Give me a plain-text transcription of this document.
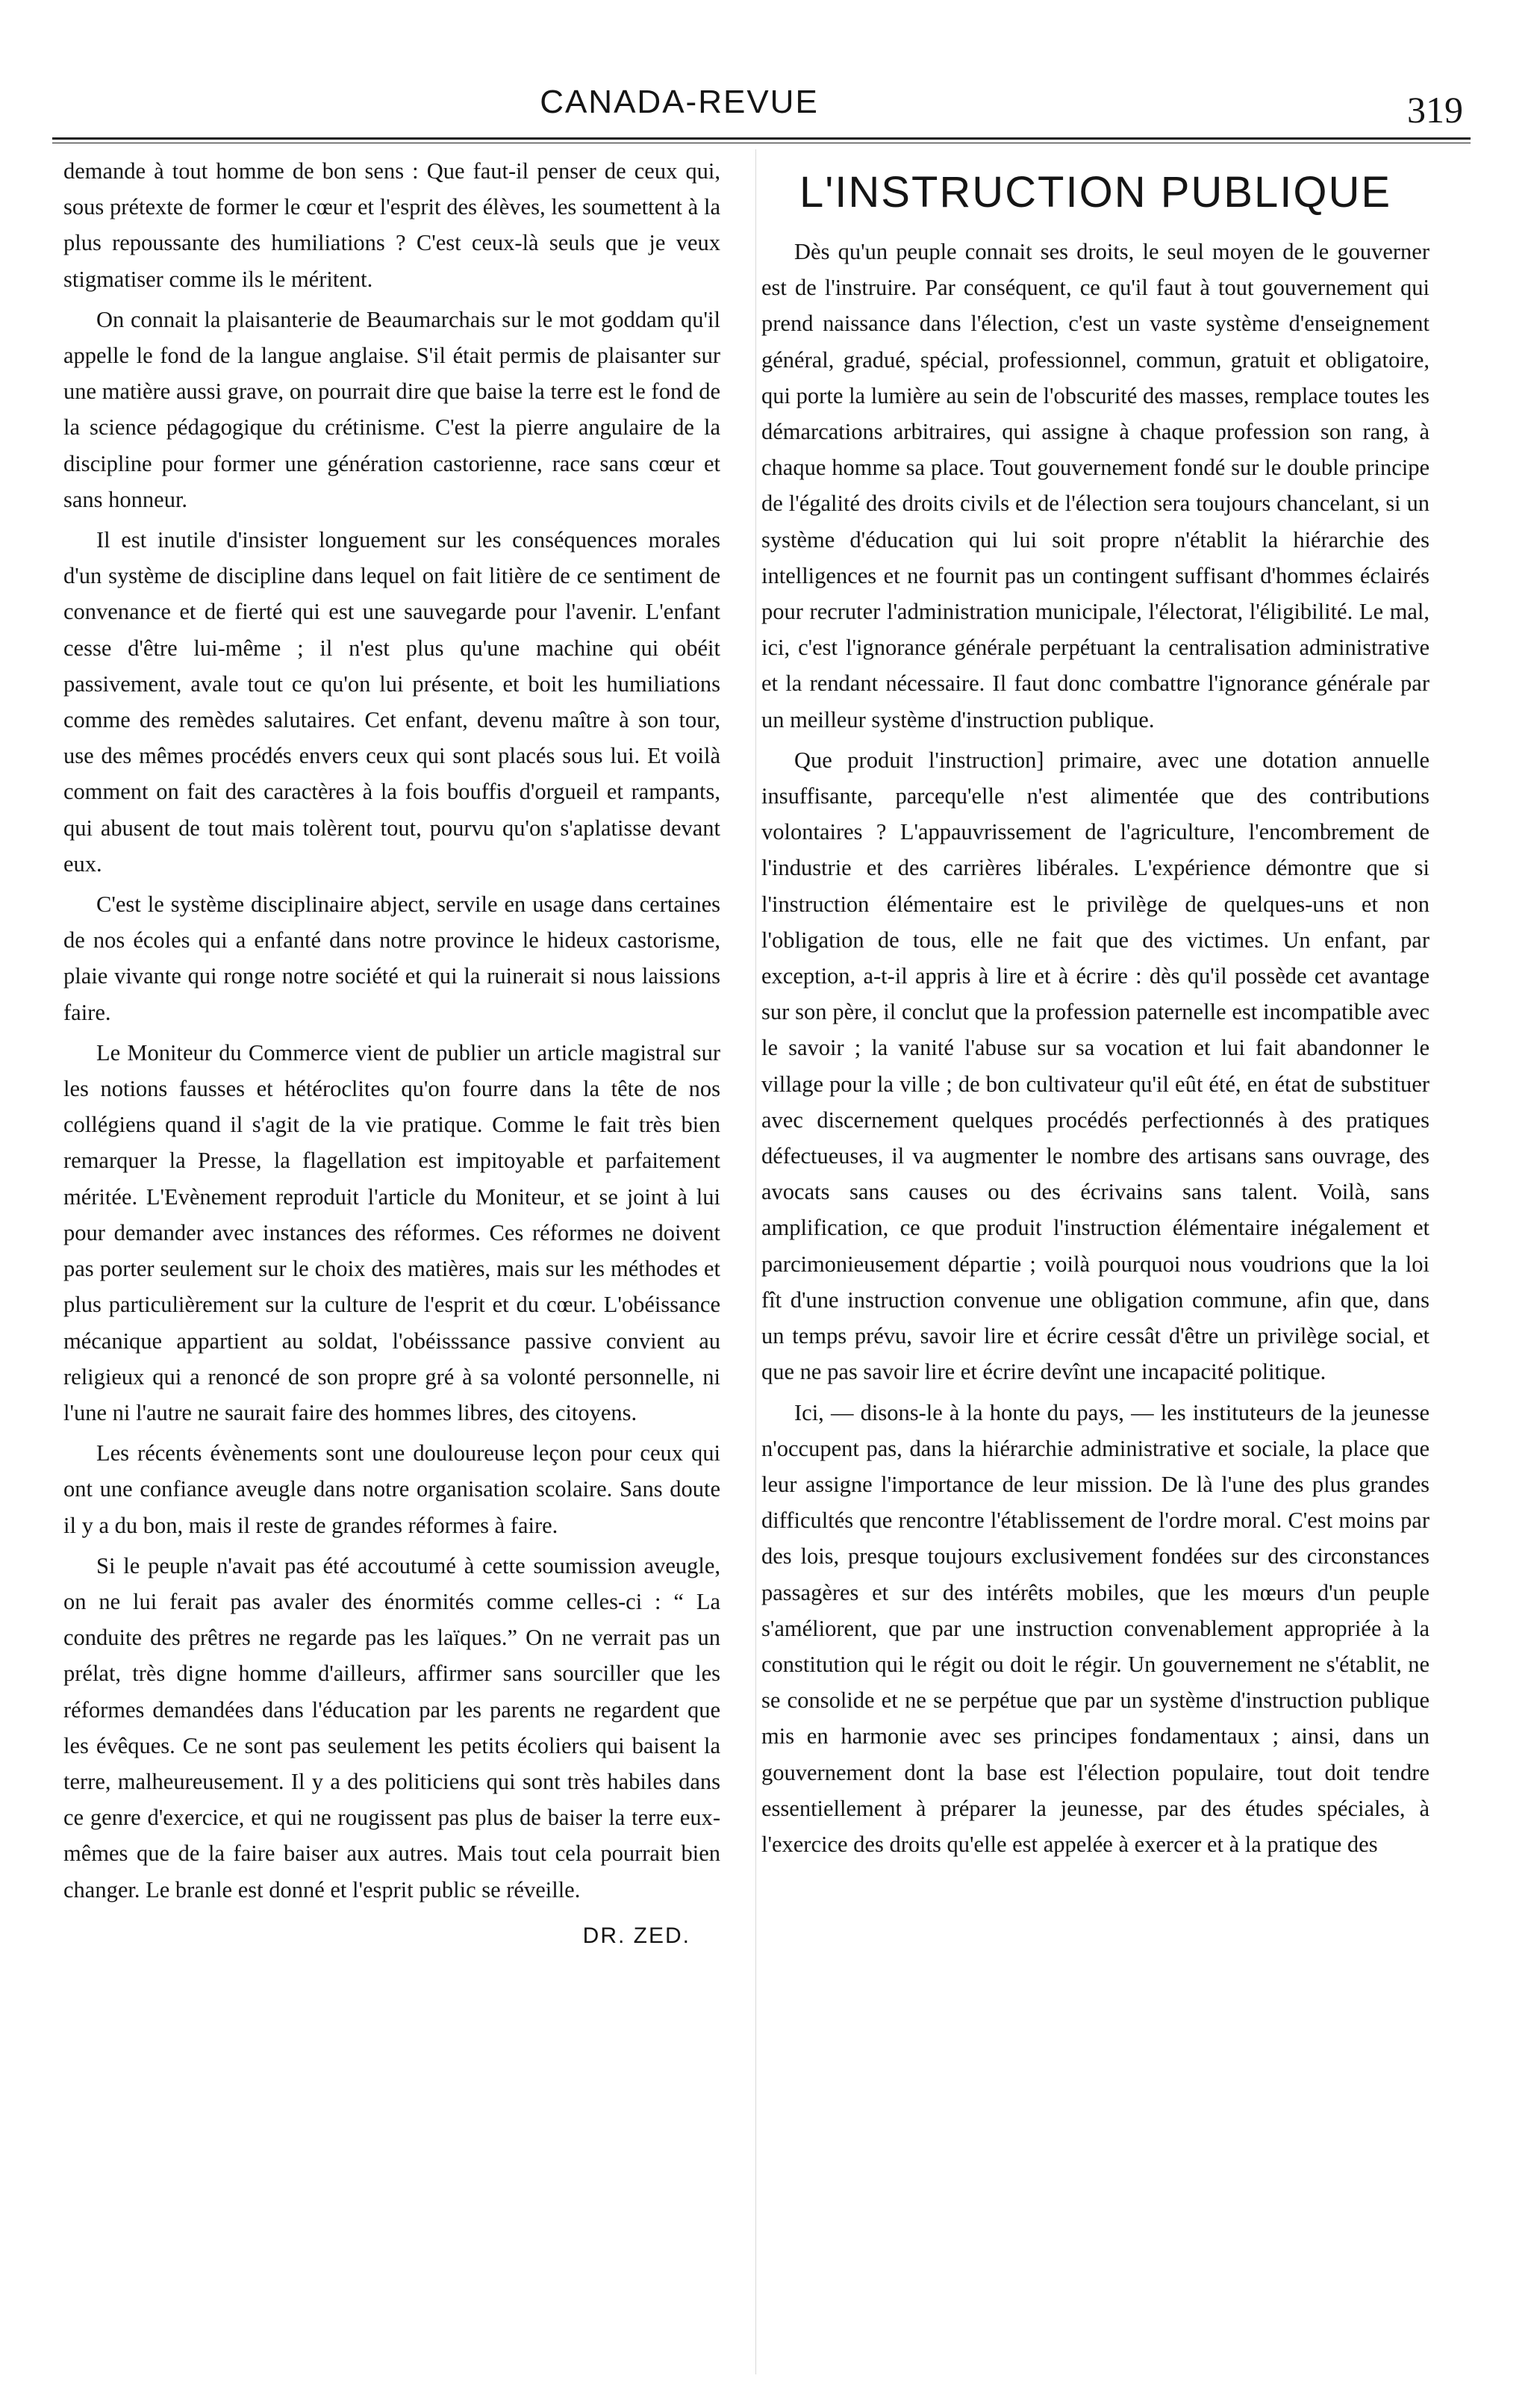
CANADA-REVUE	319

demande à tout homme de bon sens : Que faut-il penser de ceux qui, sous prétexte de former le cœur et l'esprit des élèves, les soumettent à la plus repoussante des humiliations ? C'est ceux-là seuls que je veux stigmatiser comme ils le méritent.

On connait la plaisanterie de Beaumarchais sur le mot goddam qu'il appelle le fond de la langue anglaise. S'il était permis de plaisanter sur une matière aussi grave, on pourrait dire que baise la terre est le fond de la science pédagogique du crétinisme. C'est la pierre angulaire de la discipline pour former une génération castorienne, race sans cœur et sans honneur.

Il est inutile d'insister longuement sur les conséquences morales d'un système de discipline dans lequel on fait litière de ce sentiment de convenance et de fierté qui est une sauvegarde pour l'avenir. L'enfant cesse d'être lui-même ; il n'est plus qu'une machine qui obéit passivement, avale tout ce qu'on lui présente, et boit les humiliations comme des remèdes salutaires. Cet enfant, devenu maître à son tour, use des mêmes procédés envers ceux qui sont placés sous lui. Et voilà comment on fait des caractères à la fois bouffis d'orgueil et rampants, qui abusent de tout mais tolèrent tout, pourvu qu'on s'aplatisse devant eux.

C'est le système disciplinaire abject, servile en usage dans certaines de nos écoles qui a enfanté dans notre province le hideux castorisme, plaie vivante qui ronge notre société et qui la ruinerait si nous laissions faire.

Le Moniteur du Commerce vient de publier un article magistral sur les notions fausses et hétéroclites qu'on fourre dans la tête de nos collégiens quand il s'agit de la vie pratique. Comme le fait très bien remarquer la Presse, la flagellation est impitoyable et parfaitement méritée. L'Evènement reproduit l'article du Moniteur, et se joint à lui pour demander avec instances des réformes. Ces réformes ne doivent pas porter seulement sur le choix des matières, mais sur les méthodes et plus particulièrement sur la culture de l'esprit et du cœur. L'obéissance mécanique appartient au soldat, l'obéisssance passive convient au religieux qui a renoncé de son propre gré à sa volonté personnelle, ni l'une ni l'autre ne saurait faire des hommes libres, des citoyens.

Les récents évènements sont une douloureuse leçon pour ceux qui ont une confiance aveugle dans notre organisation scolaire. Sans doute il y a du bon, mais il reste de grandes réformes à faire.

Si le peuple n'avait pas été accoutumé à cette soumission aveugle, on ne lui ferait pas avaler des énormités comme celles-ci : “ La conduite des prêtres ne regarde pas les laïques.” On ne verrait pas un prélat, très digne homme d'ailleurs, affirmer sans sourciller que les réformes demandées dans l'éducation par les parents ne regardent que les évêques. Ce ne sont pas seulement les petits écoliers qui baisent la terre, malheureusement. Il y a des politiciens qui sont très habiles dans ce genre d'exercice, et qui ne rougissent pas plus de baiser la terre eux-mêmes que de la faire baiser aux autres. Mais tout cela pourrait bien changer. Le branle est donné et l'esprit public se réveille.

DR. ZED.
L'INSTRUCTION PUBLIQUE

Dès qu'un peuple connait ses droits, le seul moyen de le gouverner est de l'instruire. Par conséquent, ce qu'il faut à tout gouvernement qui prend naissance dans l'élection, c'est un vaste système d'enseignement général, gradué, spécial, professionnel, commun, gratuit et obligatoire, qui porte la lumière au sein de l'obscurité des masses, remplace toutes les démarcations arbitraires, qui assigne à chaque profession son rang, à chaque homme sa place. Tout gouvernement fondé sur le double principe de l'égalité des droits civils et de l'élection sera toujours chancelant, si un système d'éducation qui lui soit propre n'établit la hiérarchie des intelligences et ne fournit pas un contingent suffisant d'hommes éclairés pour recruter l'administration municipale, l'électorat, l'éligibilité. Le mal, ici, c'est l'ignorance générale perpétuant la centralisation administrative et la rendant nécessaire. Il faut donc combattre l'ignorance générale par un meilleur système d'instruction publique.

Que produit l'instruction] primaire, avec une dotation annuelle insuffisante, parcequ'elle n'est alimentée que des contributions volontaires ? L'appauvrissement de l'agriculture, l'encombrement de l'industrie et des carrières libérales. L'expérience démontre que si l'instruction élémentaire est le privilège de quelques-uns et non l'obligation de tous, elle ne fait que des victimes. Un enfant, par exception, a-t-il appris à lire et à écrire : dès qu'il possède cet avantage sur son père, il conclut que la profession paternelle est incompatible avec le savoir ; la vanité l'abuse sur sa vocation et lui fait abandonner le village pour la ville ; de bon cultivateur qu'il eût été, en état de substituer avec discernement quelques procédés perfectionnés à des pratiques défectueuses, il va augmenter le nombre des artisans sans ouvrage, des avocats sans causes ou des écrivains sans talent. Voilà, sans amplification, ce que produit l'instruction élémentaire inégalement et parcimonieusement départie ; voilà pourquoi nous voudrions que la loi fît d'une instruction convenue une obligation commune, afin que, dans un temps prévu, savoir lire et écrire cessât d'être un privilège social, et que ne pas savoir lire et écrire devînt une incapacité politique.

Ici, — disons-le à la honte du pays, — les instituteurs de la jeunesse n'occupent pas, dans la hiérarchie administrative et sociale, la place que leur assigne l'importance de leur mission. De là l'une des plus grandes difficultés que rencontre l'établissement de l'ordre moral. C'est moins par des lois, presque toujours exclusivement fondées sur des circonstances passagères et sur des intérêts mobiles, que les mœurs d'un peuple s'améliorent, que par une instruction convenablement appropriée à la constitution qui le régit ou doit le régir. Un gouvernement ne s'établit, ne se consolide et ne se perpétue que par un système d'instruction publique mis en harmonie avec ses principes fondamentaux ; ainsi, dans un gouvernement dont la base est l'élection populaire, tout doit tendre essentiellement à préparer la jeunesse, par des études spéciales, à l'exercice des droits qu'elle est appelée à exercer et à la pratique des
